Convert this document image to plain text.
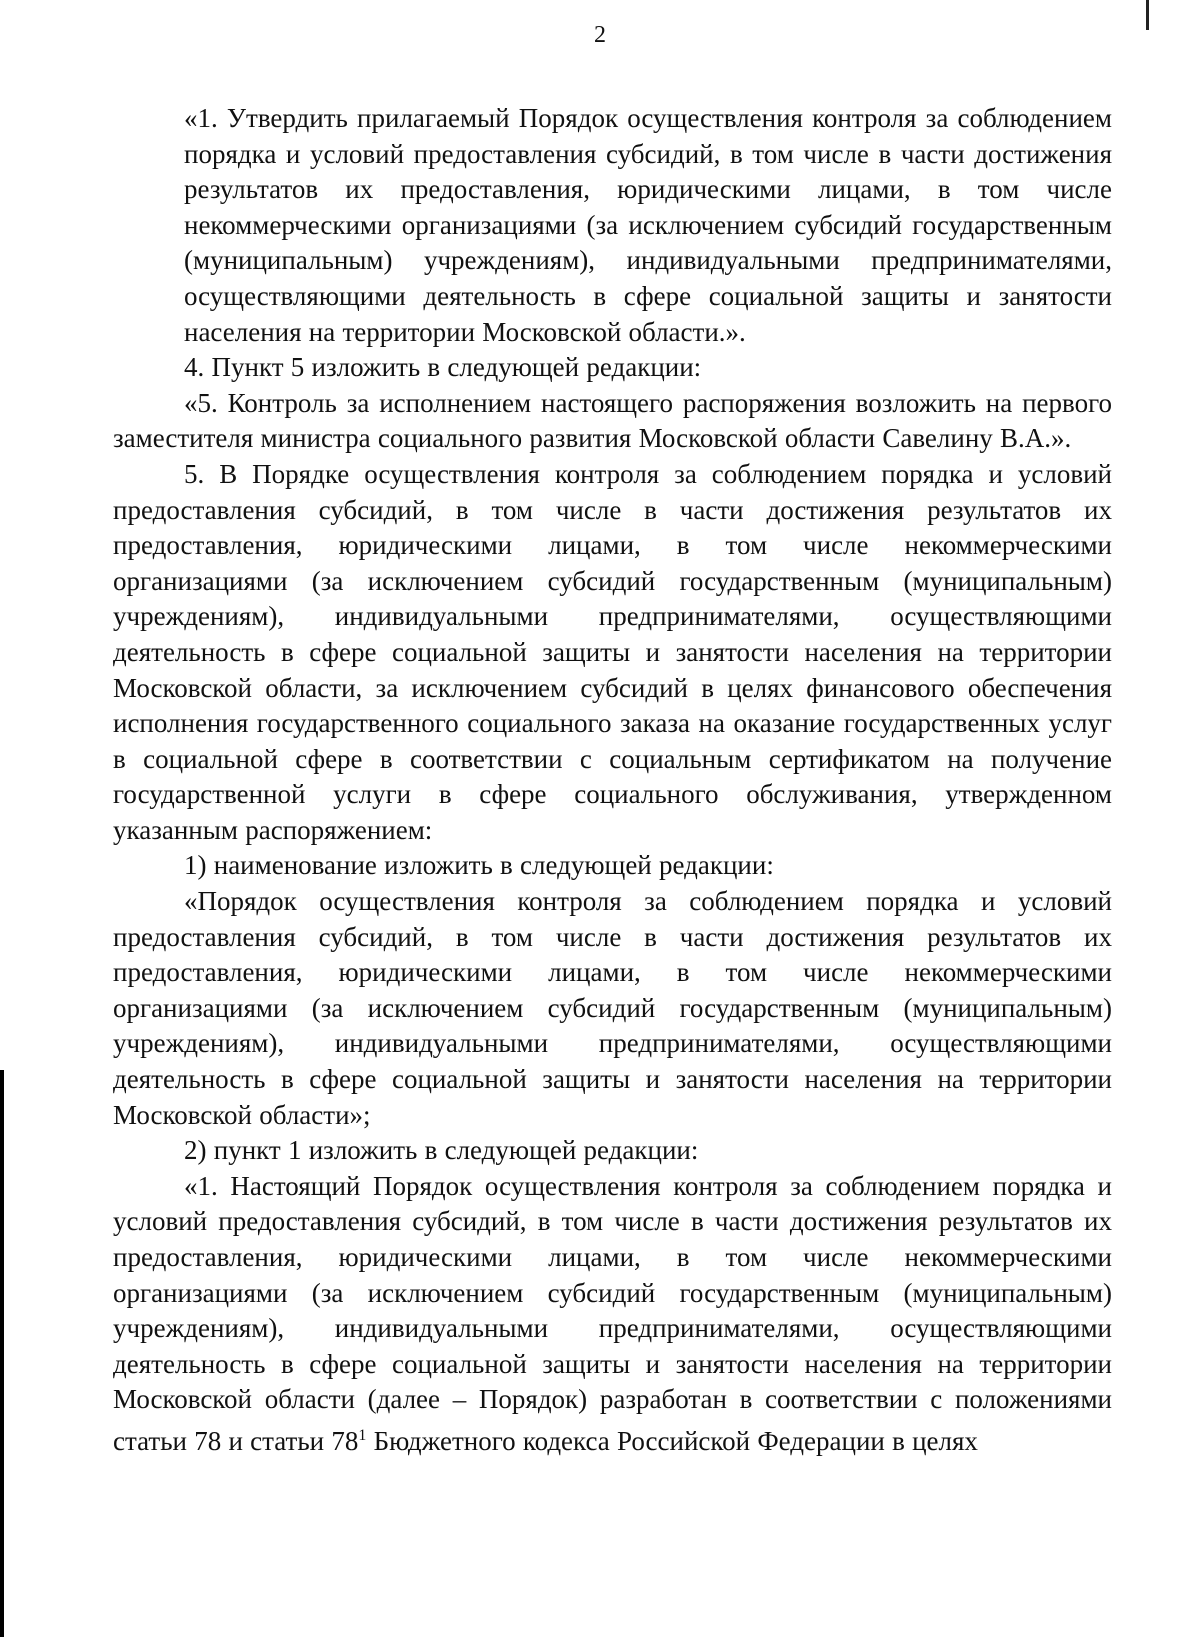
2

«1. Утвердить прилагаемый Порядок осуществления контроля за соблюдением порядка и условий предоставления субсидий, в том числе в части достижения результатов их предоставления, юридическими лицами, в том числе некоммерческими организациями (за исключением субсидий государственным (муниципальным) учреждениям), индивидуальными предпринимателями, осуществляющими деятельность в сфере социальной защиты и занятости населения на территории Московской области.».

4. Пункт 5 изложить в следующей редакции:

«5. Контроль за исполнением настоящего распоряжения возложить на первого заместителя министра социального развития Московской области Савелину В.А.».

5. В Порядке осуществления контроля за соблюдением порядка и условий предоставления субсидий, в том числе в части достижения результатов их предоставления, юридическими лицами, в том числе некоммерческими организациями (за исключением субсидий государственным (муниципальным) учреждениям), индивидуальными предпринимателями, осуществляющими деятельность в сфере социальной защиты и занятости населения на территории Московской области, за исключением субсидий в целях финансового обеспечения исполнения государственного социального заказа на оказание государственных услуг в социальной сфере в соответствии с социальным сертификатом на получение государственной услуги в сфере социального обслуживания, утвержденном указанным распоряжением:

1) наименование изложить в следующей редакции:

«Порядок осуществления контроля за соблюдением порядка и условий предоставления субсидий, в том числе в части достижения результатов их предоставления, юридическими лицами, в том числе некоммерческими организациями (за исключением субсидий государственным (муниципальным) учреждениям), индивидуальными предпринимателями, осуществляющими деятельность в сфере социальной защиты и занятости населения на территории Московской области»;

2) пункт 1 изложить в следующей редакции:

«1. Настоящий Порядок осуществления контроля за соблюдением порядка и условий предоставления субсидий, в том числе в части достижения результатов их предоставления, юридическими лицами, в том числе некоммерческими организациями (за исключением субсидий государственным (муниципальным) учреждениям), индивидуальными предпринимателями, осуществляющими деятельность в сфере социальной защиты и занятости населения на территории Московской области (далее – Порядок) разработан в соответствии с положениями статьи 78 и статьи $78^1$ Бюджетного кодекса Российской Федерации в целях
